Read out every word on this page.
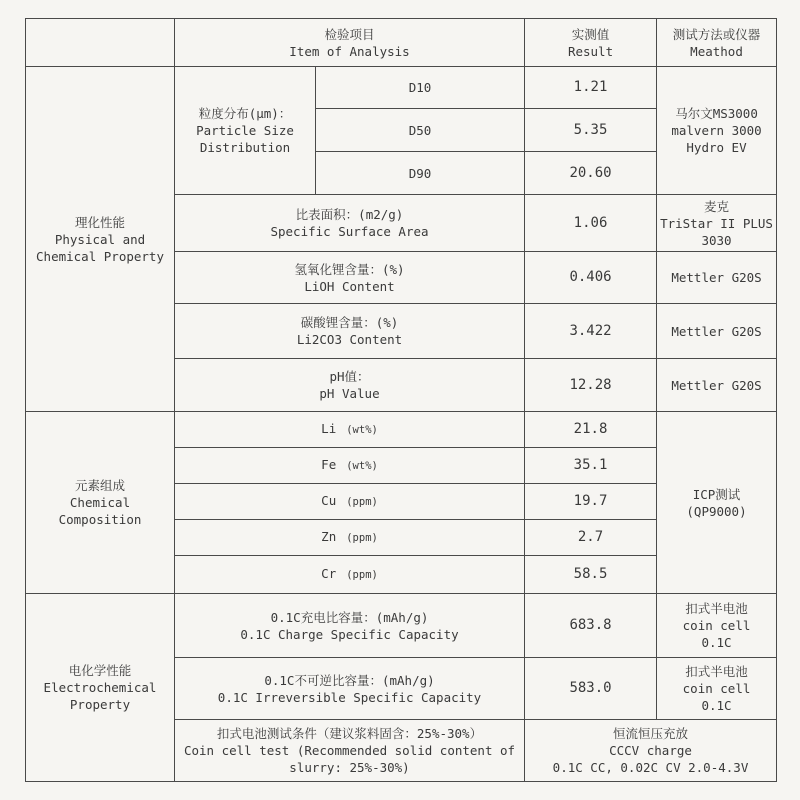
	检验项目
Item of Analysis		实测值
Result	测试方法或仪器
Meathod

理化性能
Physical and
Chemical Property	粒度分布(μm)：
Particle Size
Distribution	D10	1.21	马尔文MS3000
malvern 3000
Hydro EV

		D50	5.35	
		D90	20.60	

	比表面积：(m2/g)
Specific Surface Area		1.06	麦克
TriStar II PLUS
3030

	氢氧化锂含量：(%)
LiOH Content		0.406	Mettler G20S

	碳酸锂含量：(%)
Li2CO3 Content		3.422	Mettler G20S

	pH值：
pH Value		12.28	Mettler G20S

元素组成
Chemical
Composition	Li (wt%)		21.8	ICP测试
(QP9000)

	Fe (wt%)		35.1	
	Cu (ppm)		19.7	
	Zn (ppm)		2.7	
	Cr (ppm)		58.5	

电化学性能
Electrochemical
Property	0.1C充电比容量：(mAh/g)
0.1C Charge Specific Capacity		683.8	扣式半电池
coin cell
0.1C

	0.1C不可逆比容量：(mAh/g)
0.1C Irreversible Specific Capacity		583.0	扣式半电池
coin cell
0.1C

	扣式电池测试条件（建议浆料固含：25%-30%）
Coin cell test (Recommended solid content of
slurry: 25%-30%)		恒流恒压充放
CCCV charge
0.1C CC, 0.02C CV 2.0-4.3V	
